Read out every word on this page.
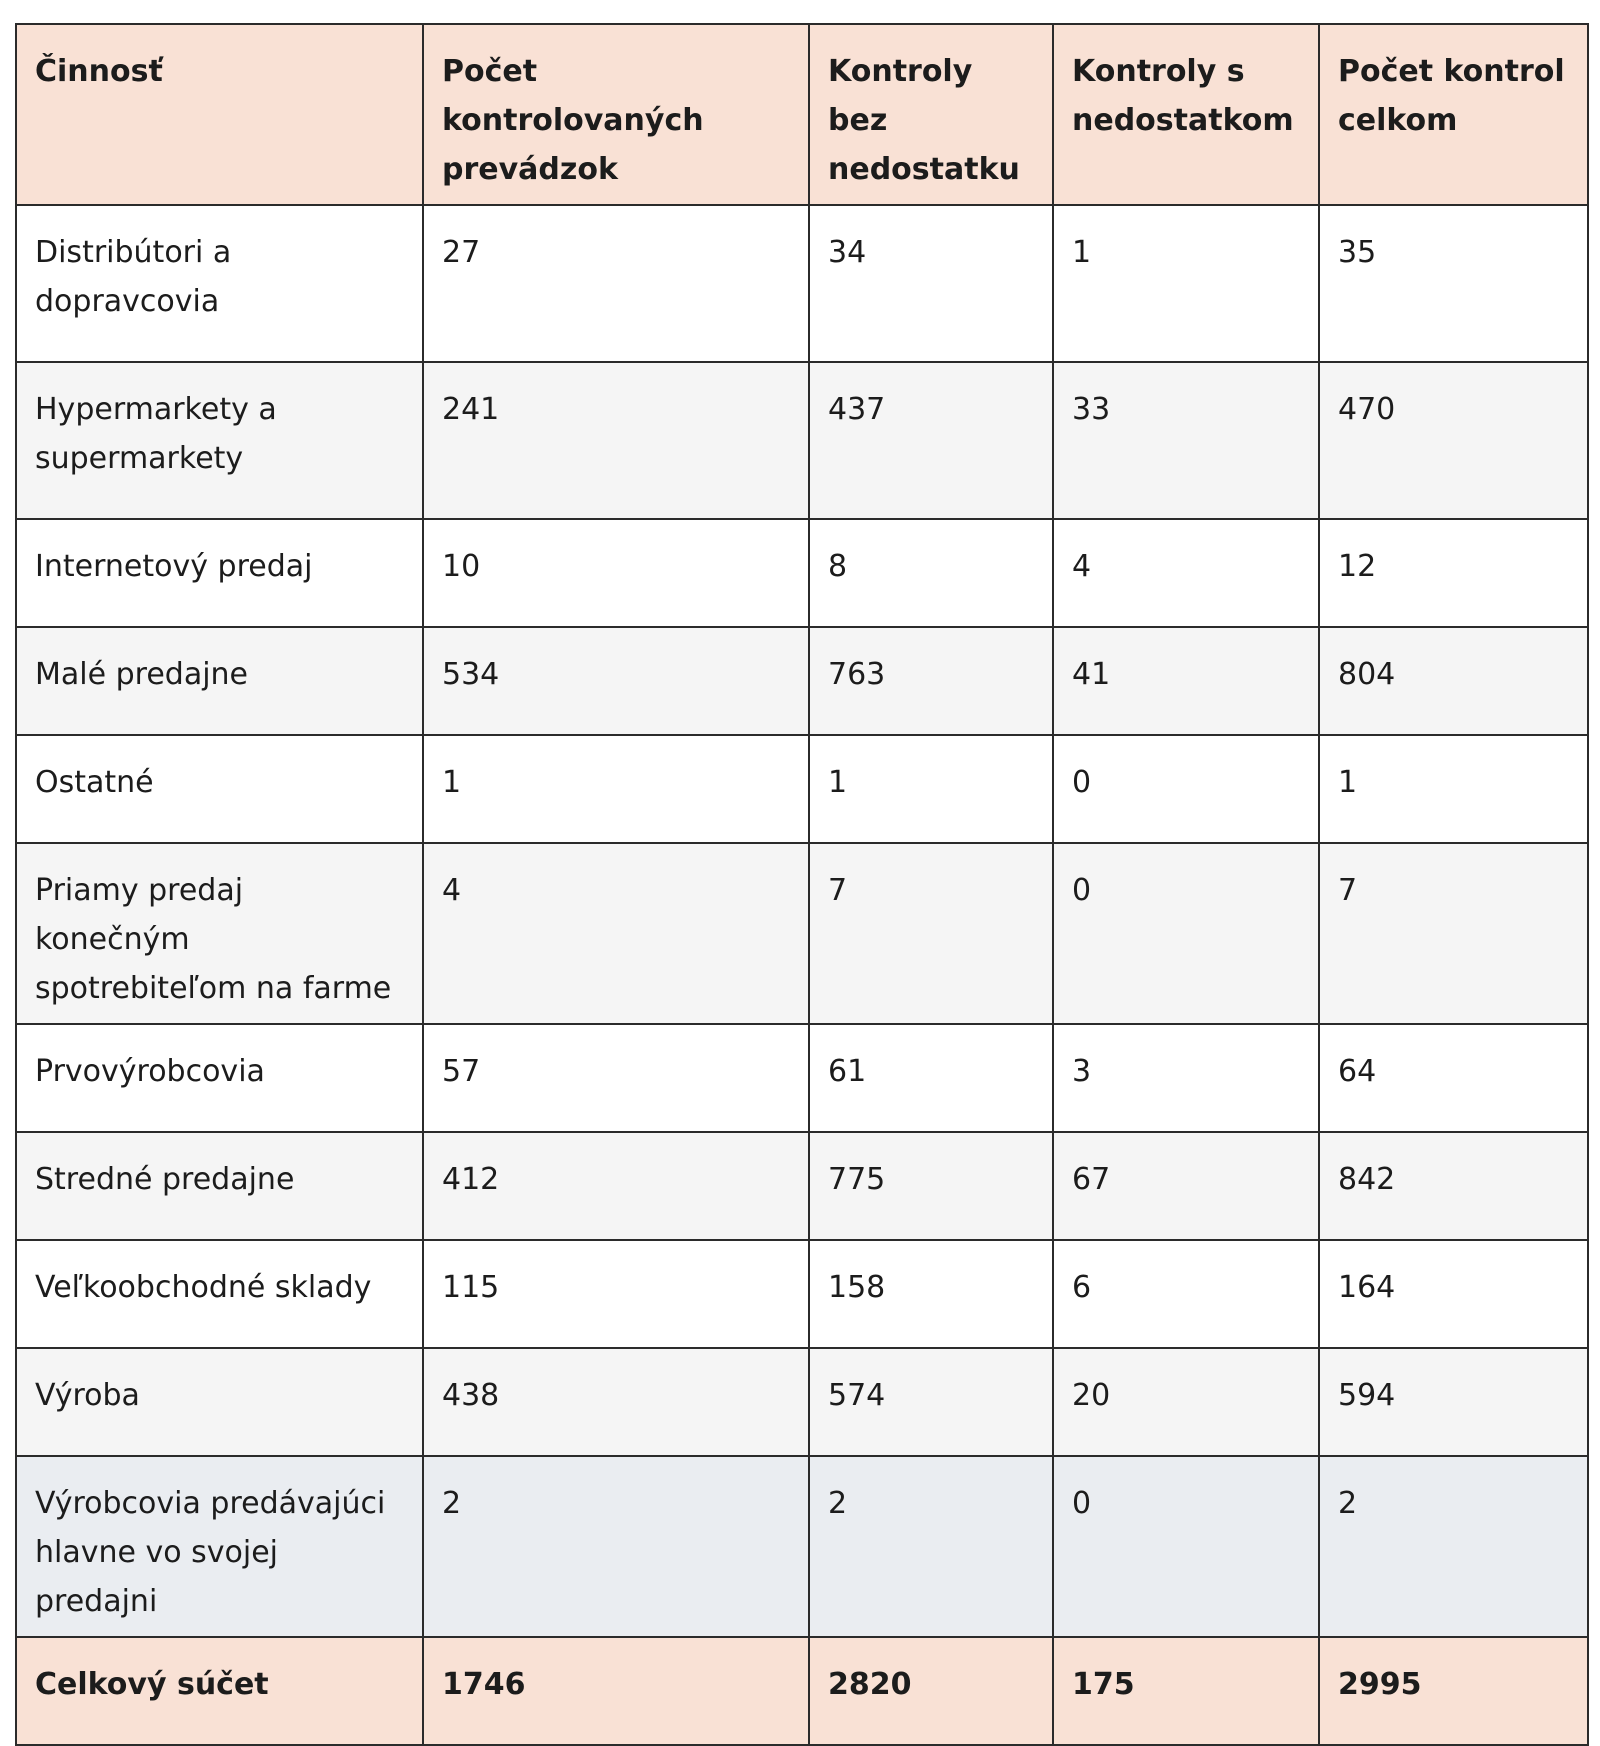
Činnosť	Počet kontrolovaných prevádzok	Kontroly bez nedostatku	Kontroly s nedostatkom	Počet kontrol celkom
Distribútori a dopravcovia	27	34	1	35
Hypermarkety a supermarkety	241	437	33	470
Internetový predaj	10	8	4	12
Malé predajne	534	763	41	804
Ostatné	1	1	0	1
Priamy predaj konečným spotrebiteľom na farme	4	7	0	7
Prvovýrobcovia	57	61	3	64
Stredné predajne	412	775	67	842
Veľkoobchodné sklady	115	158	6	164
Výroba	438	574	20	594
Výrobcovia predávajúci hlavne vo svojej predajni	2	2	0	2
Celkový súčet	1746	2820	175	2995
